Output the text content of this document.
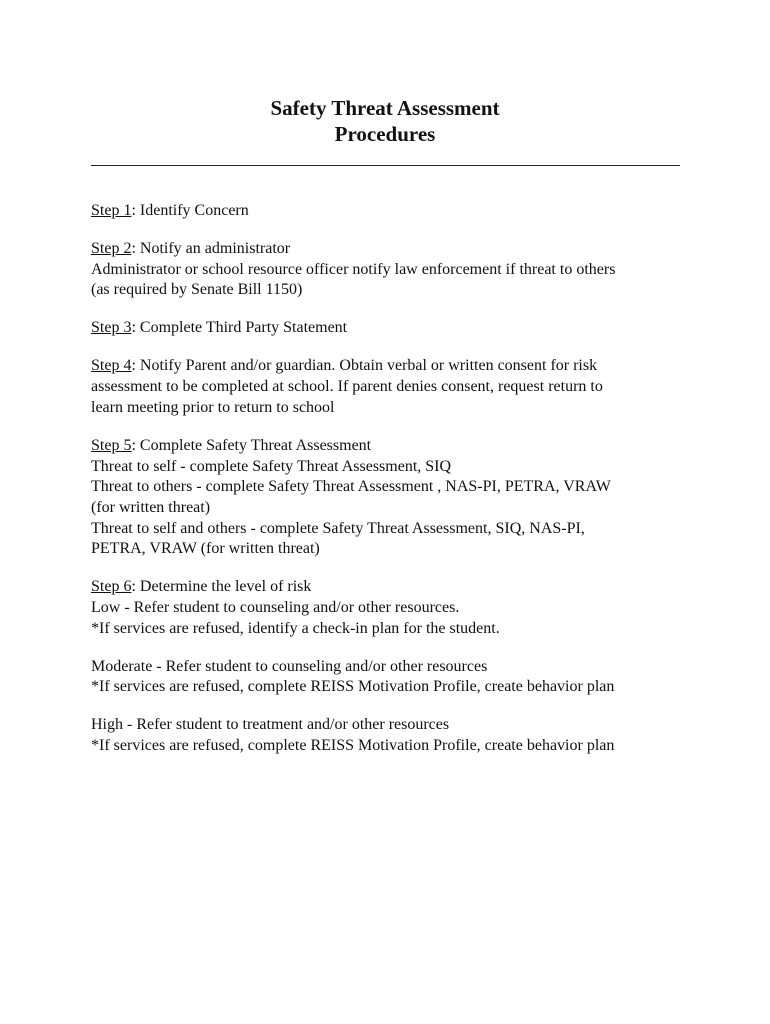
Safety Threat Assessment
Procedures
Step 1: Identify Concern
Step 2: Notify an administrator
Administrator or school resource officer notify law enforcement if threat to others
(as required by Senate Bill 1150)
Step 3: Complete Third Party Statement
Step 4: Notify Parent and/or guardian. Obtain verbal or written consent for risk
assessment to be completed at school. If parent denies consent, request return to
learn meeting prior to return to school
Step 5: Complete Safety Threat Assessment
Threat to self - complete Safety Threat Assessment, SIQ
Threat to others - complete Safety Threat Assessment , NAS-PI, PETRA, VRAW
(for written threat)
Threat to self and others - complete Safety Threat Assessment, SIQ, NAS-PI,
PETRA, VRAW (for written threat)
Step 6: Determine the level of risk
Low - Refer student to counseling and/or other resources.
*If services are refused, identify a check-in plan for the student.
Moderate - Refer student to counseling and/or other resources
*If services are refused, complete REISS Motivation Profile, create behavior plan
High - Refer student to treatment and/or other resources
*If services are refused, complete REISS Motivation Profile, create behavior plan
